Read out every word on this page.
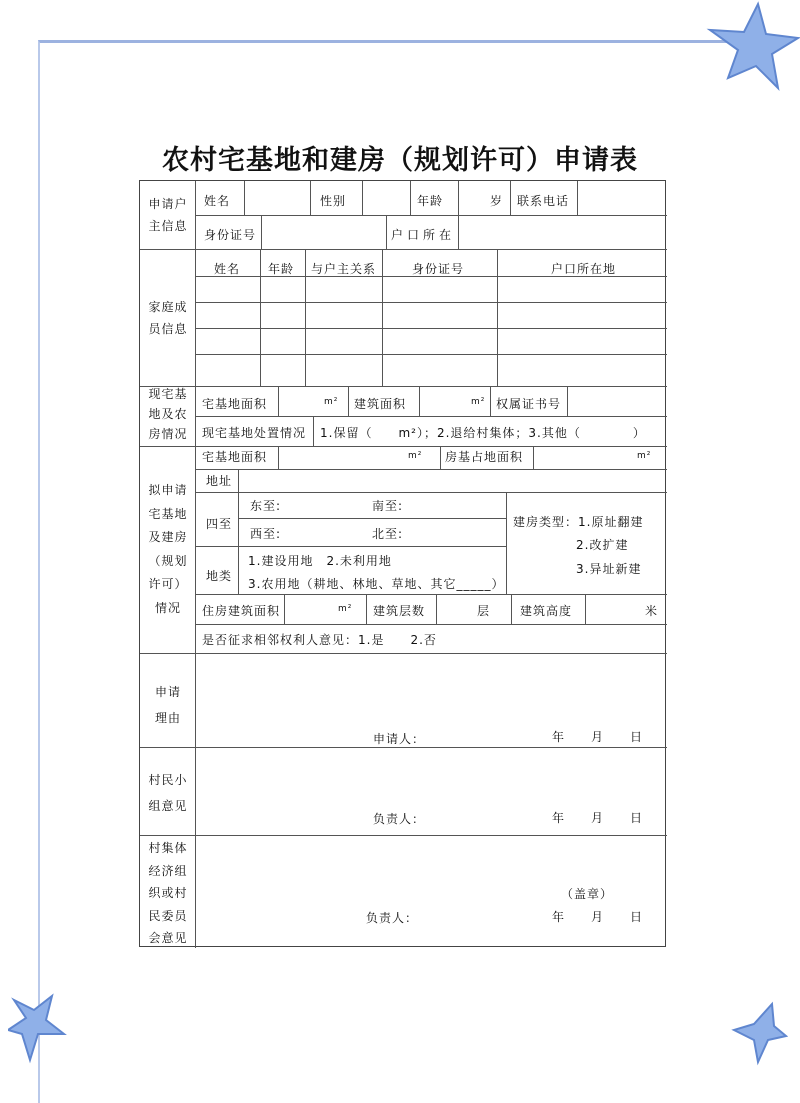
农村宅基地和建房（规划许可）申请表
申请户
主信息
姓名	性别	年龄	岁 联系电话
身份证号	户口所在
家庭成
员信息
姓名 年龄 与户主关系	身份证号	户口所在地
现宅基
地及农
房情况
宅基地面积	m² 建筑面积	m² 权属证书号
现宅基地处置情况 1.保留（　　m²）；2.退给村集体；3.其他（　　　　）
拟申请
宅基地
及建房
（规划
许可）
情况
宅基地面积	m² 房基占地面积	m²
地址
四至
东至:	南至:
西至:	北至:
地类
1.建设用地　2.未利用地
3.农用地（耕地、林地、草地、其它_____）
建房类型：1.原址翻建
2.改扩建
3.异址新建
住房建筑面积	m² 建筑层数	层 建筑高度	米
是否征求相邻权利人意见：1.是　　2.否
申请
理由
申请人：	年　　月　　日
村民小
组意见
负责人：	年　　月　　日
村集体
经济组
织或村
民委员
会意见
（盖章）
负责人：	年　　月　　日
